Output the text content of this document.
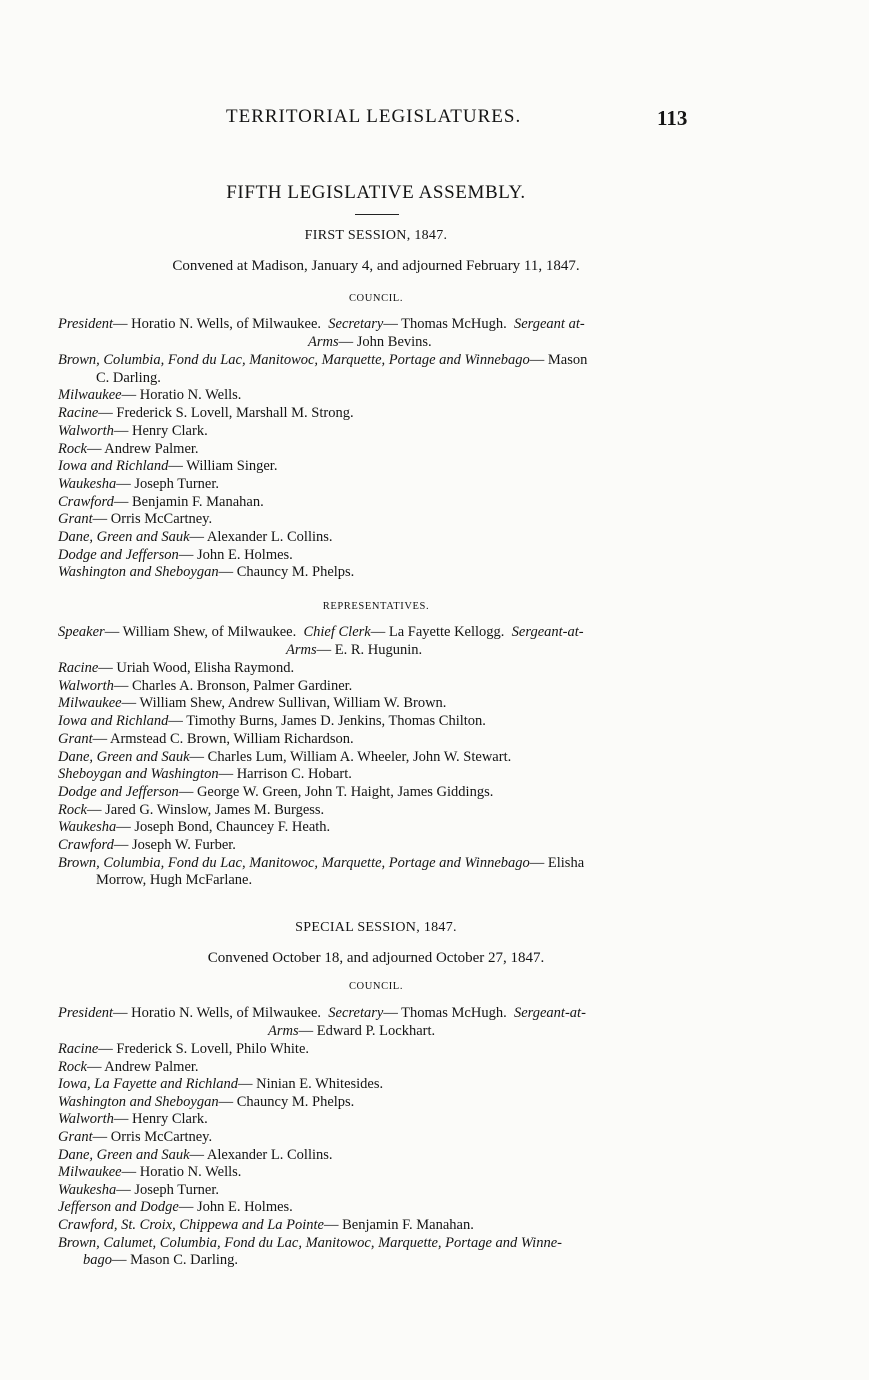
TERRITORIAL LEGISLATURES.	113
FIFTH LEGISLATIVE ASSEMBLY.
FIRST SESSION, 1847.
Convened at Madison, January 4, and adjourned February 11, 1847.
COUNCIL.
President— Horatio N. Wells, of Milwaukee. Secretary— Thomas McHugh. Sergeant at-
Arms— John Bevins.
Brown, Columbia, Fond du Lac, Manitowoc, Marquette, Portage and Winnebago— Mason
C. Darling.
Milwaukee— Horatio N. Wells.
Racine— Frederick S. Lovell, Marshall M. Strong.
Walworth— Henry Clark.
Rock— Andrew Palmer.
Iowa and Richland— William Singer.
Waukesha— Joseph Turner.
Crawford— Benjamin F. Manahan.
Grant— Orris McCartney.
Dane, Green and Sauk— Alexander L. Collins.
Dodge and Jefferson— John E. Holmes.
Washington and Sheboygan— Chauncy M. Phelps.
REPRESENTATIVES.
Speaker— William Shew, of Milwaukee. Chief Clerk— La Fayette Kellogg. Sergeant-at-
Arms— E. R. Hugunin.
Racine— Uriah Wood, Elisha Raymond.
Walworth— Charles A. Bronson, Palmer Gardiner.
Milwaukee— William Shew, Andrew Sullivan, William W. Brown.
Iowa and Richland— Timothy Burns, James D. Jenkins, Thomas Chilton.
Grant— Armstead C. Brown, William Richardson.
Dane, Green and Sauk— Charles Lum, William A. Wheeler, John W. Stewart.
Sheboygan and Washington— Harrison C. Hobart.
Dodge and Jefferson— George W. Green, John T. Haight, James Giddings.
Rock— Jared G. Winslow, James M. Burgess.
Waukesha— Joseph Bond, Chauncey F. Heath.
Crawford— Joseph W. Furber.
Brown, Columbia, Fond du Lac, Manitowoc, Marquette, Portage and Winnebago— Elisha
Morrow, Hugh McFarlane.
SPECIAL SESSION, 1847.
Convened October 18, and adjourned October 27, 1847.
COUNCIL.
President— Horatio N. Wells, of Milwaukee. Secretary— Thomas McHugh. Sergeant-at-
Arms— Edward P. Lockhart.
Racine— Frederick S. Lovell, Philo White.
Rock— Andrew Palmer.
Iowa, La Fayette and Richland— Ninian E. Whitesides.
Washington and Sheboygan— Chauncy M. Phelps.
Walworth— Henry Clark.
Grant— Orris McCartney.
Dane, Green and Sauk— Alexander L. Collins.
Milwaukee— Horatio N. Wells.
Waukesha— Joseph Turner.
Jefferson and Dodge— John E. Holmes.
Crawford, St. Croix, Chippewa and La Pointe— Benjamin F. Manahan.
Brown, Calumet, Columbia, Fond du Lac, Manitowoc, Marquette, Portage and Winne-
bago— Mason C. Darling.
